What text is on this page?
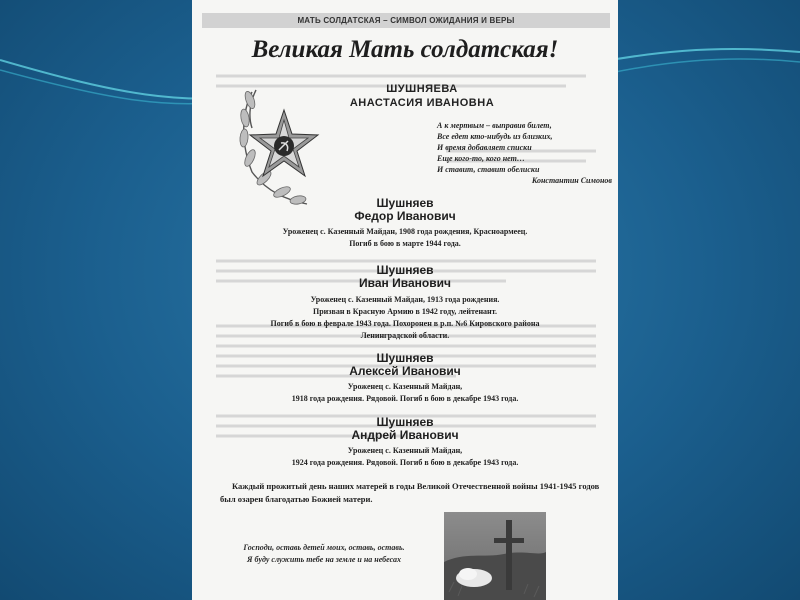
МАТЬ СОЛДАТСКАЯ – СИМВОЛ ОЖИДАНИЯ И ВЕРЫ
Великая Мать солдатская!
ШУШНЯЕВА
АНАСТАСИЯ ИВАНОВНА
А к мертвым – выправив билет,
Все едет кто-нибудь из близких,
И время добавляет списки
Еще кого-то, кого нет…
И ставит, ставит обелиски
Константин Симонов
Шушняев
Федор Иванович
Уроженец с. Казенный Майдан, 1908 года рождения, Красноармеец.
Погиб в бою в марте 1944 года.
Шушняев
Иван Иванович
Уроженец с. Казенный Майдан, 1913 года рождения.
Призван в Красную Армию в 1942 году, лейтенант.
Погиб в бою в феврале 1943 года. Похоронен в р.п. №6 Кировского района
Ленинградской области.
Шушняев
Алексей Иванович
Уроженец с. Казенный Майдан,
1918 года рождения. Рядовой. Погиб в бою в декабре 1943 года.
Шушняев
Андрей Иванович
Уроженец с. Казенный Майдан,
1924 года рождения. Рядовой. Погиб в бою в декабре 1943 года.
Каждый прожитый день наших матерей в годы Великой Отечественной войны 1941-1945 годов был озарен благодатью Божией матери.
Господи, оставь детей моих, оставь, оставь.
Я буду служить тебе на земле и на небесах
